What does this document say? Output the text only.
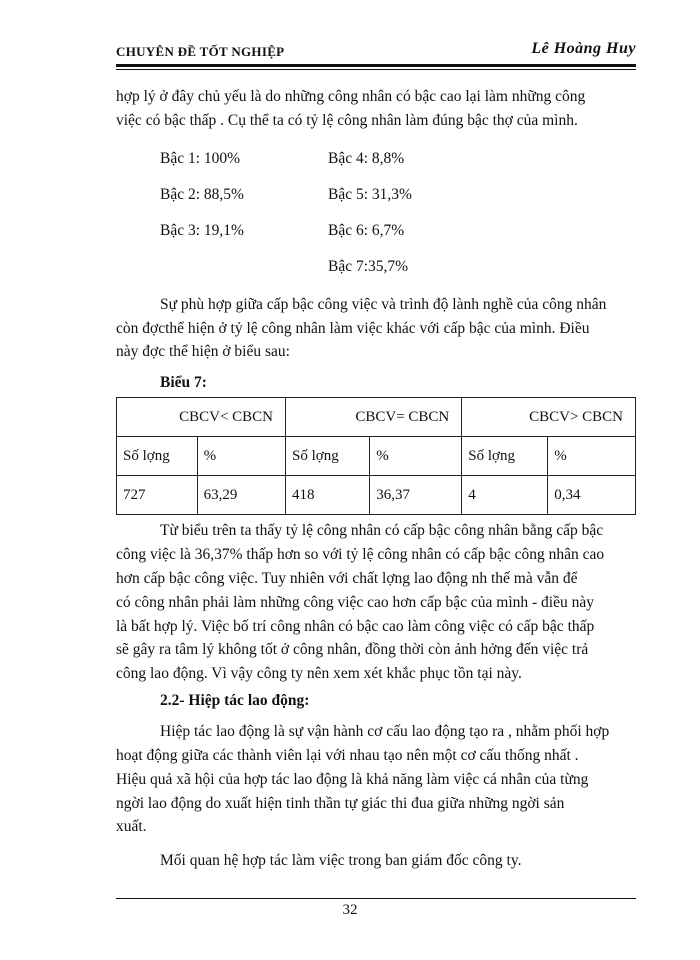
CHUYÊN ĐỀ TỐT NGHIỆP	Lê Hoàng Huy
hợp lý ở đây chủ yếu là do những công nhân có bậc cao lại làm những công
việc có bậc thấp . Cụ thể ta có tỷ lệ công nhân làm đúng bậc thợ của mình.
Bậc 1: 100%	Bậc 4: 8,8%
Bậc 2: 88,5%	Bậc 5: 31,3%
Bậc 3: 19,1%	Bậc 6: 6,7%
Bậc 7:35,7%
Sự phù hợp giữa cấp bậc công việc và trình độ lành nghề của công nhân
còn đợcthể hiện ở tỷ lệ công nhân làm việc khác với cấp bậc của mình. Điều
này đợc thể hiện ở biểu sau:
Biểu 7:
CBCV< CBCN		CBCV= CBCN		CBCV> CBCN	
Số lợng	%	Số lợng	%	Số lợng	%
727	63,29	418	36,37	4	0,34
Từ biểu trên ta thấy tỷ lệ công nhân có cấp bậc công nhân bằng cấp bậc
công việc là 36,37% thấp hơn so với tỷ lệ công nhân có cấp bậc công nhân cao
hơn cấp bậc công việc. Tuy nhiên với chất lợng lao động nh thế mà vẫn để
có công nhân phải làm những công việc cao hơn cấp bậc của mình - điều này
là bất hợp lý. Việc bố trí công nhân có bậc cao làm công việc có cấp bậc thấp
sẽ gây ra tâm lý không tốt ở công nhân, đồng thời còn ảnh hởng đến việc trả
công lao động. Vì vậy công ty nên xem xét khắc phục tồn tại này.
2.2- Hiệp tác lao động:
Hiệp tác lao động là sự vận hành cơ cấu lao động tạo ra , nhằm phối hợp
hoạt động giữa các thành viên lại với nhau tạo nên một cơ cấu thống nhất .
Hiệu quả xã hội của hợp tác lao động là khả năng làm việc cá nhân của từng
ngời lao động do xuất hiện tinh thần tự giác thi đua giữa những ngời sản
xuất.
Mối quan hệ hợp tác làm việc trong ban giám đốc công ty.
32
